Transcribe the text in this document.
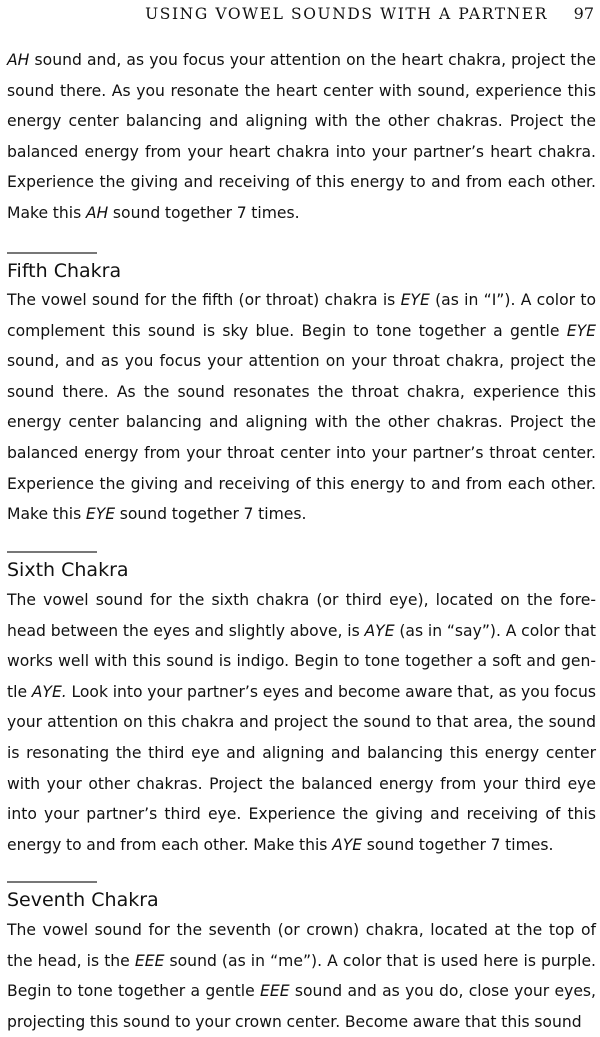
USING VOWEL SOUNDS WITH A PARTNER 97

AH sound and, as you focus your attention on the heart chakra, project the sound there. As you resonate the heart center with sound, experience this energy center balancing and aligning with the other chakras. Project the balanced energy from your heart chakra into your partner’s heart chakra. Experience the giving and receiving of this energy to and from each other. Make this AH sound together 7 times.

Fifth Chakra

The vowel sound for the fifth (or throat) chakra is EYE (as in “I”). A color to complement this sound is sky blue. Begin to tone together a gentle EYE sound, and as you focus your attention on your throat chakra, project the sound there. As the sound resonates the throat chakra, experience this energy center balancing and aligning with the other chakras. Project the balanced energy from your throat center into your partner’s throat center. Experience the giving and receiving of this energy to and from each other. Make this EYE sound together 7 times.

Sixth Chakra

The vowel sound for the sixth chakra (or third eye), located on the forehead between the eyes and slightly above, is AYE (as in “say”). A color that works well with this sound is indigo. Begin to tone together a soft and gentle AYE. Look into your partner’s eyes and become aware that, as you focus your attention on this chakra and project the sound to that area, the sound is resonating the third eye and aligning and balancing this energy center with your other chakras. Project the balanced energy from your third eye into your partner’s third eye. Experience the giving and receiving of this energy to and from each other. Make this AYE sound together 7 times.

Seventh Chakra

The vowel sound for the seventh (or crown) chakra, located at the top of the head, is the EEE sound (as in “me”). A color that is used here is purple. Begin to tone together a gentle EEE sound and as you do, close your eyes, projecting this sound to your crown center. Become aware that this sound
